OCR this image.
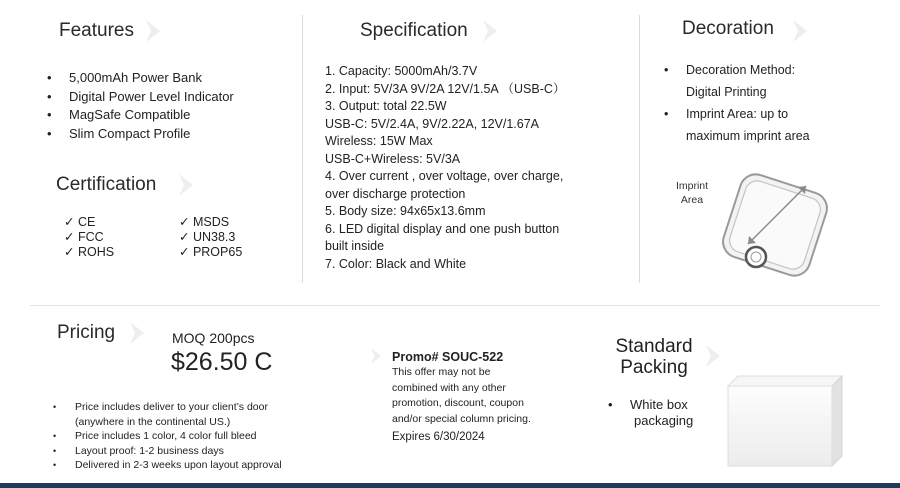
Features
• 5,000mAh Power Bank
• Digital Power Level Indicator
• MagSafe Compatible
• Slim Compact Profile
Certification
✓ CE
✓ FCC
✓ ROHS
✓ MSDS
✓ UN38.3
✓ PROP65
Specification
1. Capacity: 5000mAh/3.7V
2. Input: 5V/3A 9V/2A 12V/1.5A （USB-C）
3. Output: total 22.5W
USB-C: 5V/2.4A, 9V/2.22A, 12V/1.67A
Wireless: 15W Max
USB-C+Wireless: 5V/3A
4. Over current , over voltage, over charge,
over discharge protection
5. Body size: 94x65x13.6mm
6. LED digital display and one push button
built inside
7. Color: Black and White
Decoration
• Decoration Method:
Digital Printing
• Imprint Area: up to
maximum imprint area
Imprint
Area
Pricing	MOQ 200pcs
$26.50 C
• Price includes deliver to your client’s door
(anywhere in the continental US.)
• Price includes 1 color, 4 color full bleed
• Layout proof: 1-2 business days
• Delivered in 2-3 weeks upon layout approval
Promo# SOUC-522
This offer may not be
combined with any other
promotion, discount, coupon
and/or special column pricing.
Expires 6/30/2024
Standard
Packing
• White box
packaging
